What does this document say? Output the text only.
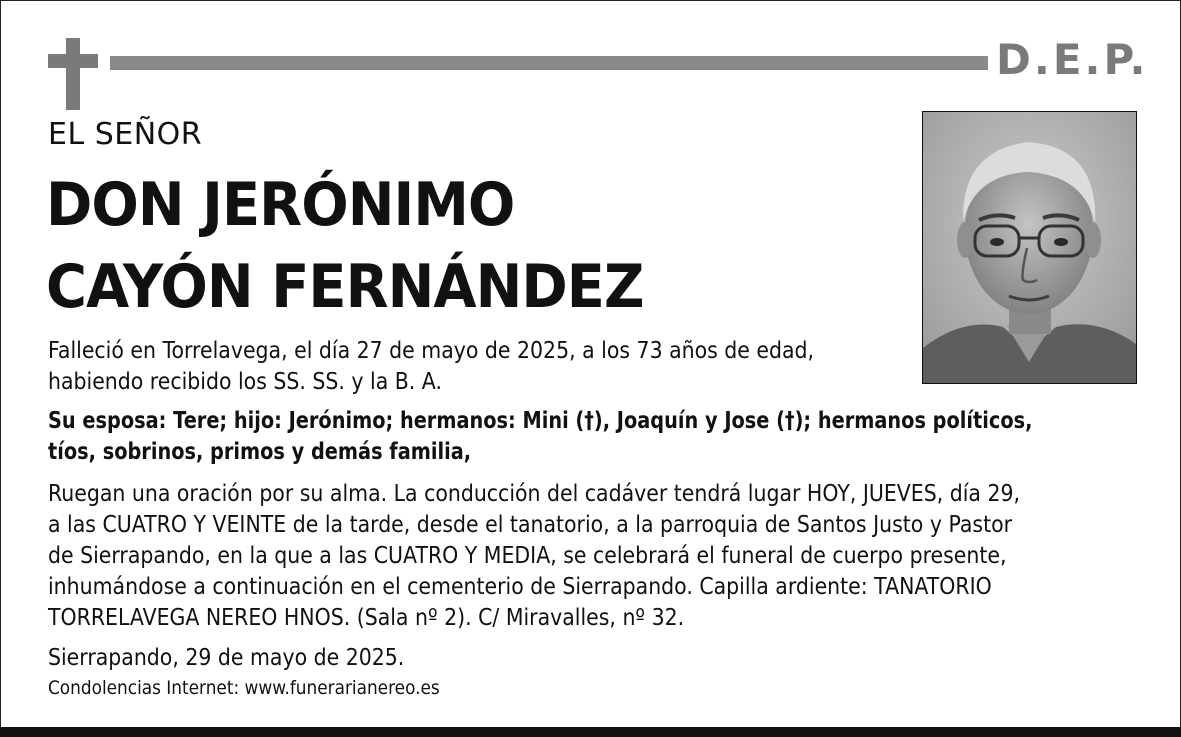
D.E.P.
EL SEÑOR
DON JERÓNIMO
CAYÓN FERNÁNDEZ

Falleció en Torrelavega, el día 27 de mayo de 2025, a los 73 años de edad,
habiendo recibido los SS. SS. y la B. A.

Su esposa: Tere; hijo: Jerónimo; hermanos: Mini (†), Joaquín y Jose (†); hermanos políticos,
tíos, sobrinos, primos y demás familia,

Ruegan una oración por su alma. La conducción del cadáver tendrá lugar HOY, JUEVES, día 29,
a las CUATRO Y VEINTE de la tarde, desde el tanatorio, a la parroquia de Santos Justo y Pastor
de Sierrapando, en la que a las CUATRO Y MEDIA, se celebrará el funeral de cuerpo presente,
inhumándose a continuación en el cementerio de Sierrapando. Capilla ardiente: TANATORIO
TORRELAVEGA NEREO HNOS. (Sala nº 2). C/ Miravalles, nº 32.

Sierrapando, 29 de mayo de 2025.

Condolencias Internet: www.funerarianereo.es
